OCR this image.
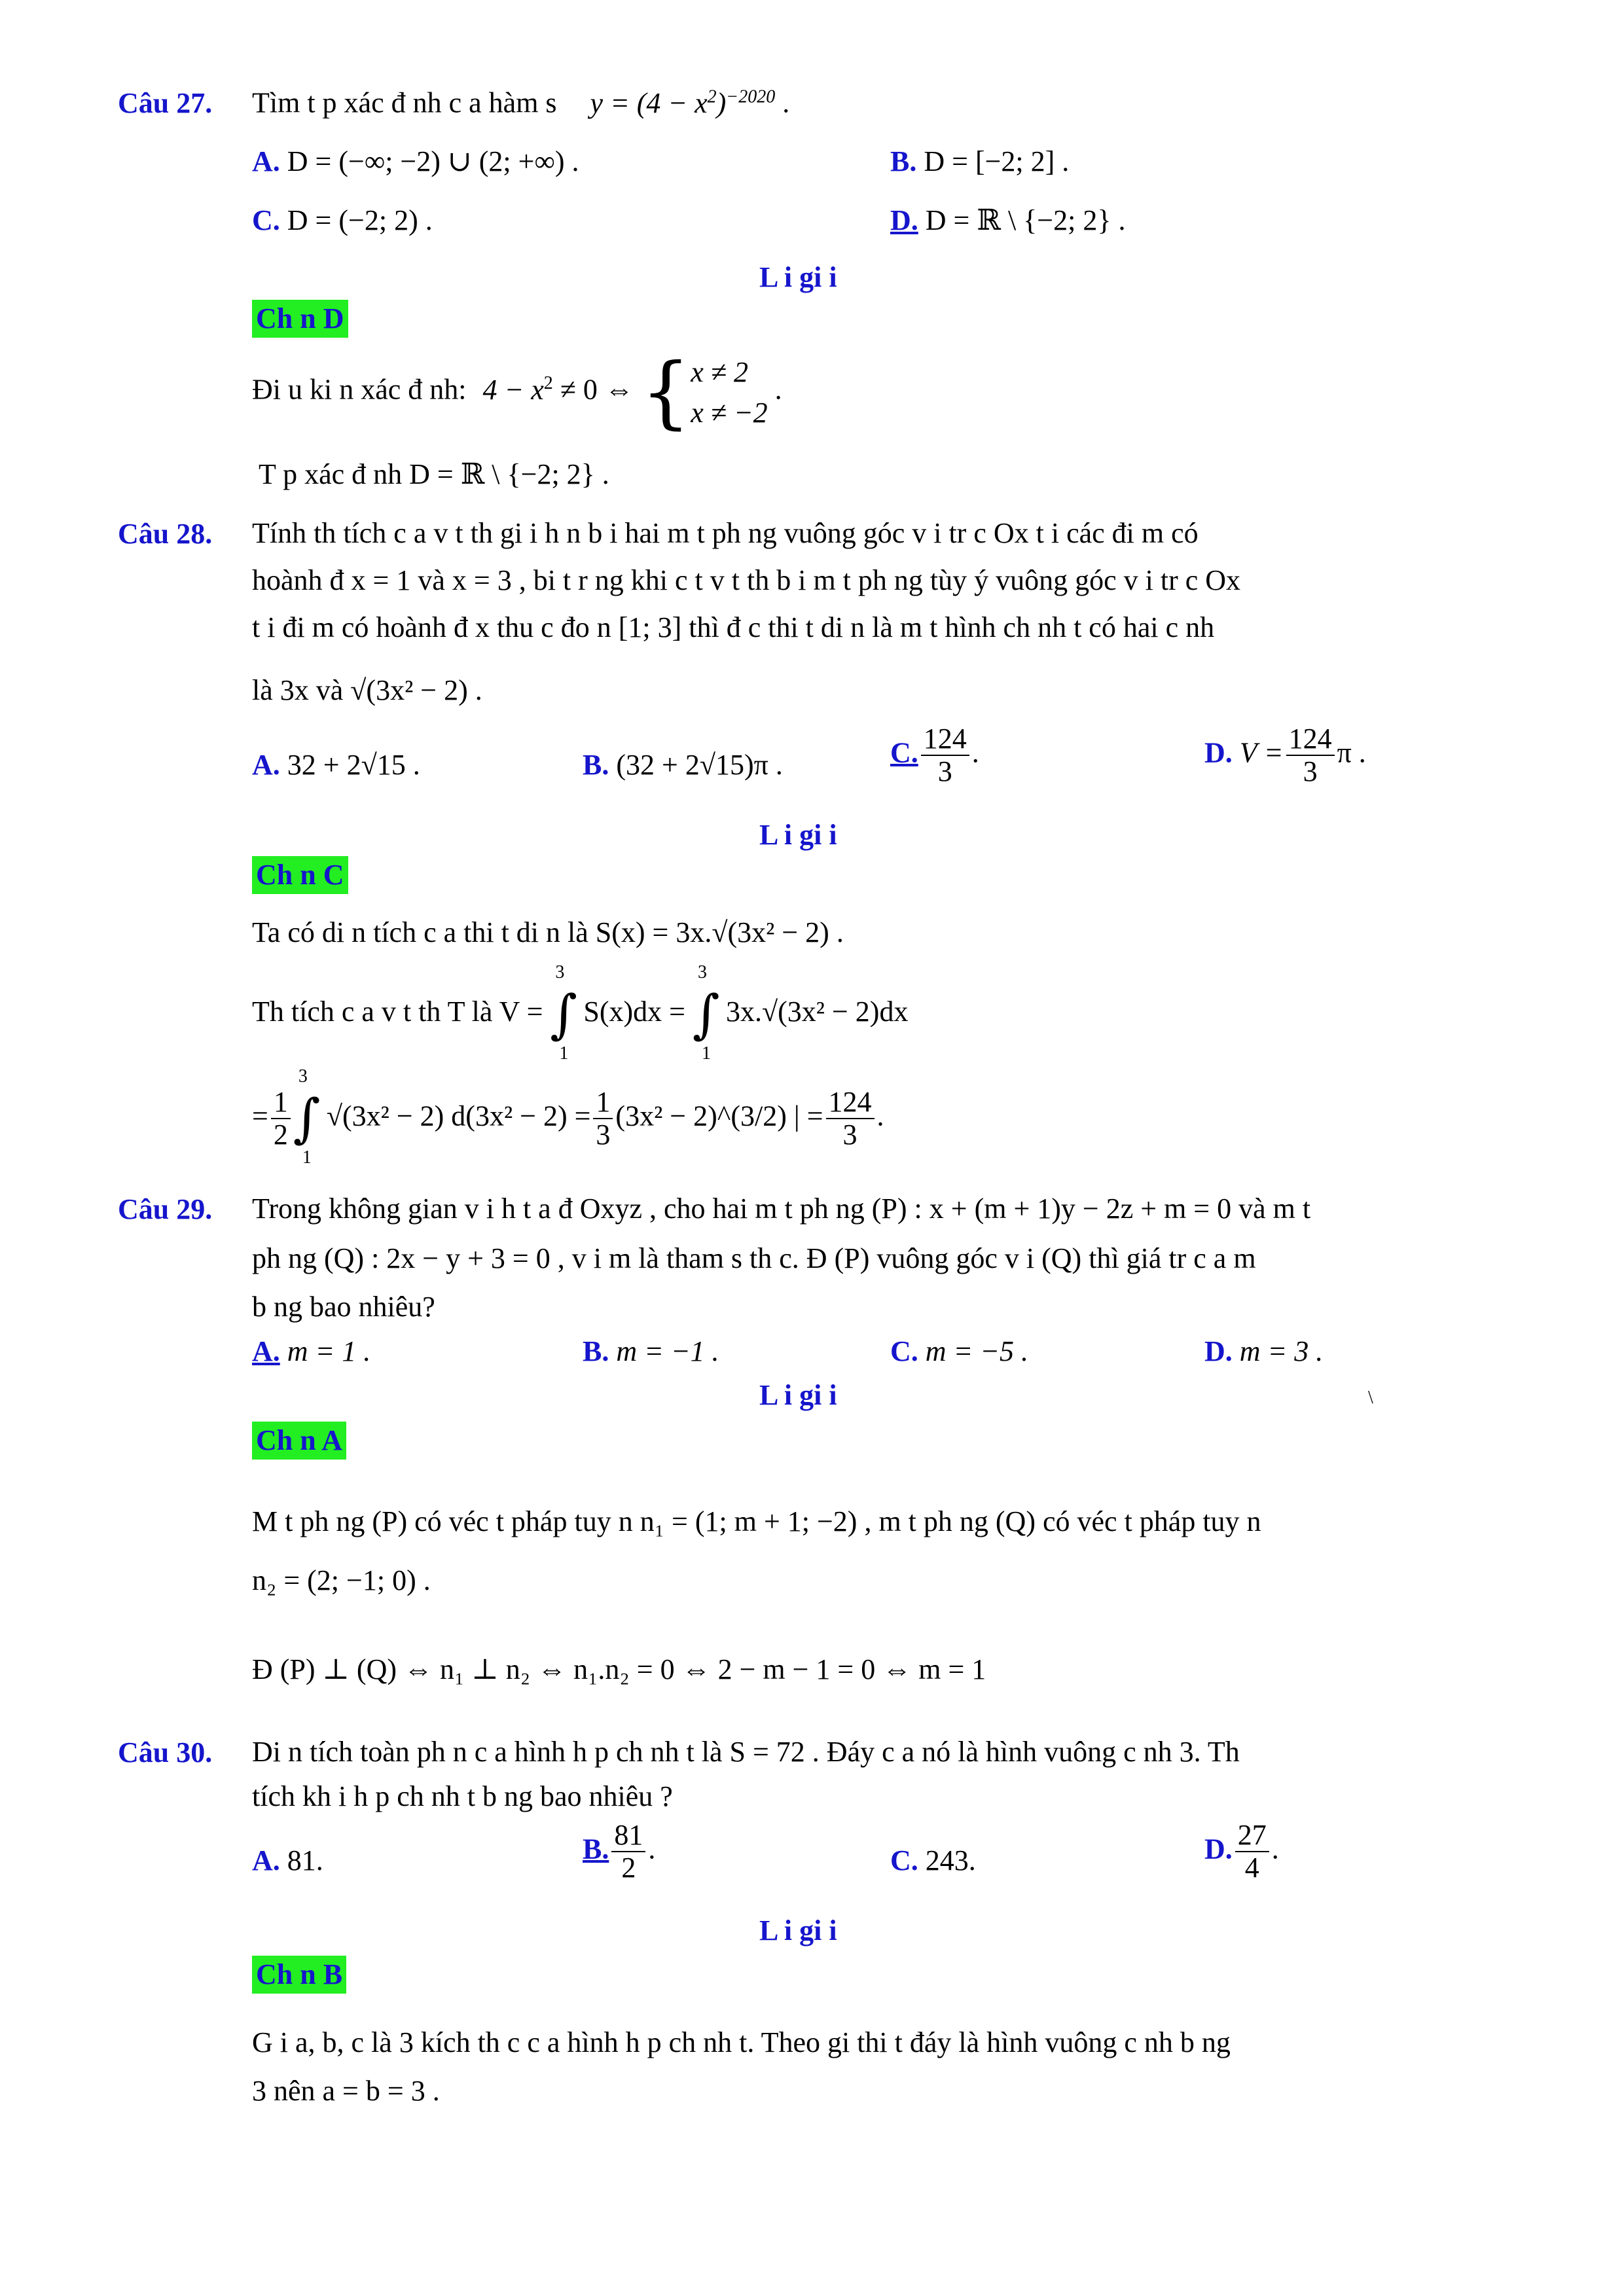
Câu 27. Tìm t p xác đ nh c a hàm s $y = (4 - x^2)^{-2020}$ .
A. D = (−∞; −2) ∪ (2; +∞) .	B. D = [−2; 2] .
C. D = (−2; 2) .	D. D = ℝ \ {−2; 2} .
L i gi i
Ch n D
Đi u ki n xác đ nh: $4 - x^2 \ne 0$ ⇔ { x ≠ 2
x ≠ −2
.
T p xác đ nh D = ℝ \ {−2; 2} .
Câu 28. Tính th tích c a v t th gi i h n b i hai m t ph ng vuông góc v i tr c Ox t i các đi m có
hoành đ x = 1 và x = 3 , bi t r ng khi c t v t th b i m t ph ng tùy ý vuông góc v i tr c Ox
t i đi m có hoành đ x thu c đo n [1; 3] thì đ c thi t di n là m t hình ch nh t có hai c nh
là 3x và √(3x² − 2) .
A. 32 + 2√15 .	B. (32 + 2√15)π .	C. $\frac{124}{3}$ .	D. $V = \frac{124}{3}$ π .
L i gi i
Ch n C
Ta có di n tích c a thi t di n là S(x) = 3x.√(3x² − 2) .
Th tích c a v t th T là V = ∫
3
1
S(x)dx = ∫
3
1
3x.√(3x² − 2)dx
= $\frac{1}{2}$ ∫
3
1
√(3x² − 2) $d(3x^2 - 2) = \frac{1}{3} (3x^2$ − 2)^(3/2) | = $\frac{124}{3}$ .
Câu 29. Trong không gian v i h t a đ Oxyz , cho hai m t ph ng (P) : x + (m + 1)y − 2z + m = 0 và m t
ph ng (Q) : 2x − y + 3 = 0 , v i m là tham s th c. Đ (P) vuông góc v i (Q) thì giá tr c a m
b ng bao nhiêu?
A. m = 1 .	B. m = −1 .	C. m = −5 .	D. m = 3 .
L i gi i	\
Ch n A
M t ph ng (P) có véc t pháp tuy n n₁ = (1; m + 1; −2) , m t ph ng (Q) có véc t pháp tuy n
n₂ = (2; −1; 0) .
Đ (P) ⊥ (Q) ⇔ n₁ ⊥ n₂ ⇔ n₁.n₂ = 0 ⇔ 2 − m − 1 = 0 ⇔ m = 1
Câu 30. Di n tích toàn ph n c a hình h p ch nh t là S = 72 . Đáy c a nó là hình vuông c nh 3. Th
tích kh i h p ch nh t b ng bao nhiêu ?
A. 81.	B. $\frac{81}{2}$ .	C. 243.	D. $\frac{27}{4}$ .
L i gi i
Ch n B
G i a, b, c là 3 kích th c c a hình h p ch nh t. Theo gi thi t đáy là hình vuông c nh b ng
3 nên a = b = 3 .
